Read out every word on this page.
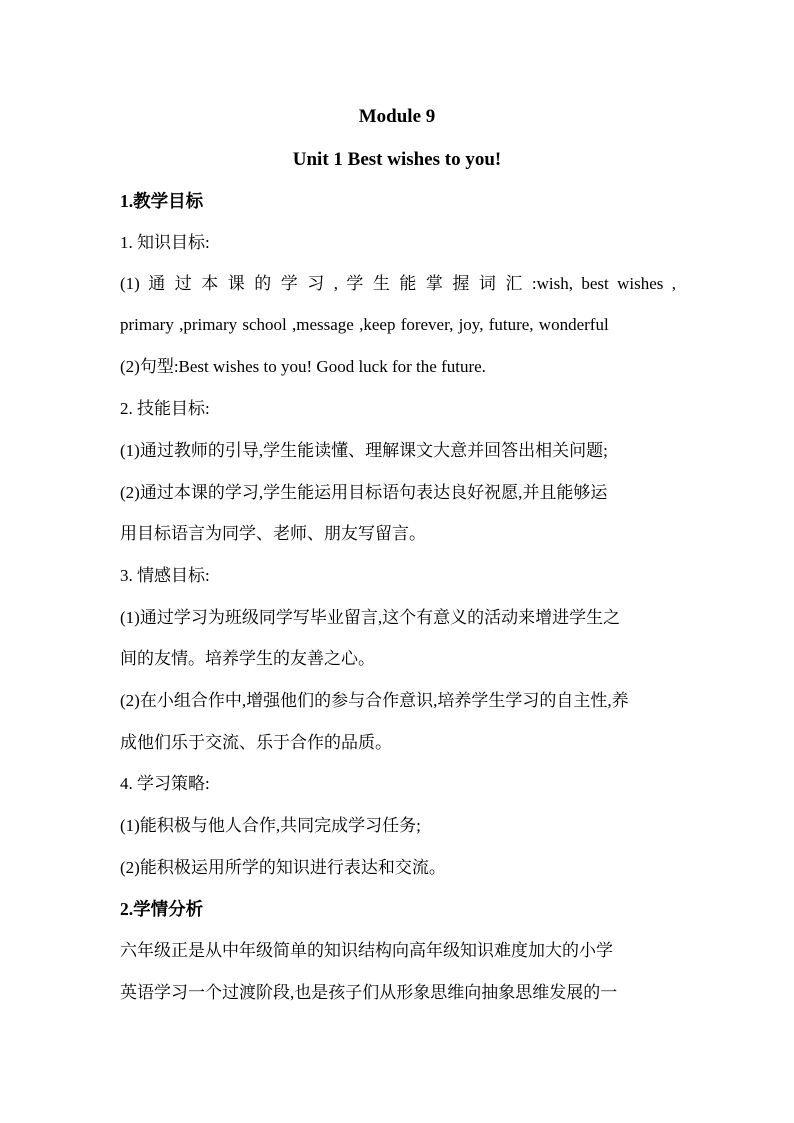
Module 9
Unit 1 Best wishes to you!
1.教学目标
1. 知识目标:
(1) 通 过 本 课 的 学 习 , 学 生 能 掌 握 词 汇 :wish, best wishes ,
primary ,primary school ,message ,keep forever, joy, future, wonderful
(2)句型:Best wishes to you! Good luck for the future.
2. 技能目标:
(1)通过教师的引导,学生能读懂、理解课文大意并回答出相关问题;
(2)通过本课的学习,学生能运用目标语句表达良好祝愿,并且能够运
用目标语言为同学、老师、朋友写留言。
3. 情感目标:
(1)通过学习为班级同学写毕业留言,这个有意义的活动来增进学生之
间的友情。培养学生的友善之心。
(2)在小组合作中,增强他们的参与合作意识,培养学生学习的自主性,养
成他们乐于交流、乐于合作的品质。
4. 学习策略:
(1)能积极与他人合作,共同完成学习任务;
(2)能积极运用所学的知识进行表达和交流。
2.学情分析
六年级正是从中年级简单的知识结构向高年级知识难度加大的小学
英语学习一个过渡阶段,也是孩子们从形象思维向抽象思维发展的一
